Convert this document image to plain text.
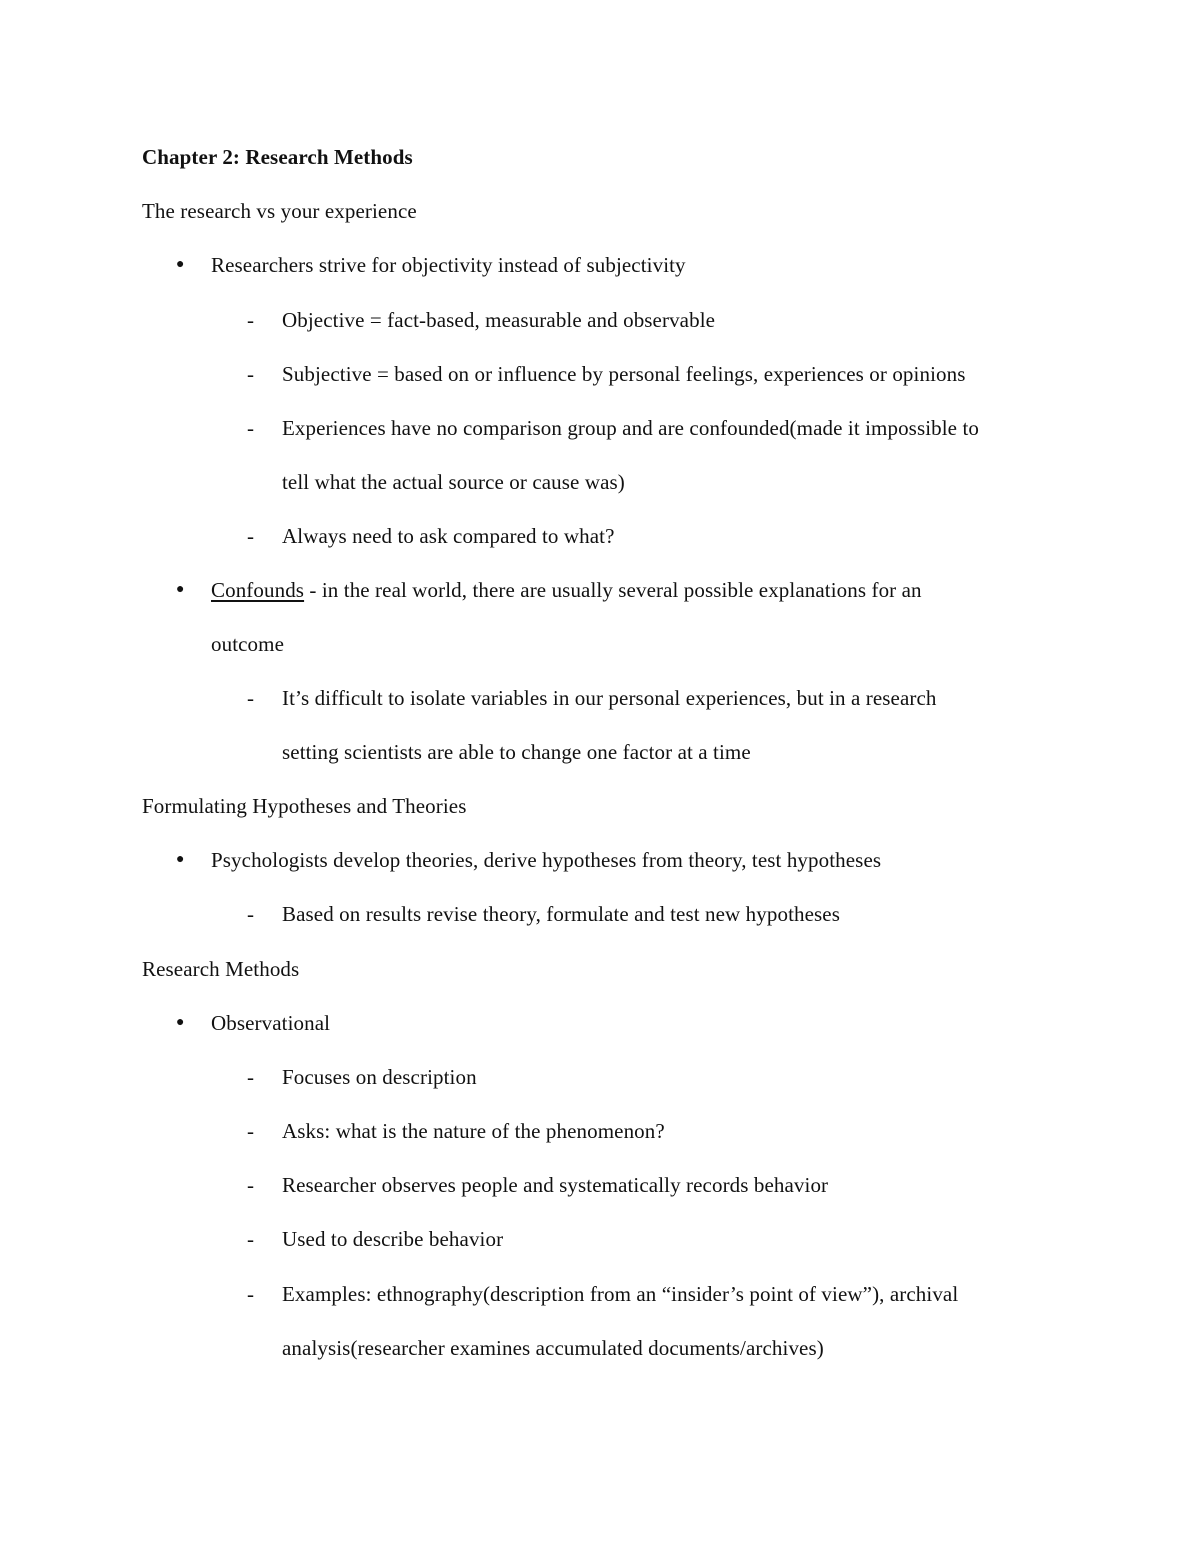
Chapter 2: Research Methods
The research vs your experience
● Researchers strive for objectivity instead of subjectivity
- Objective = fact-based, measurable and observable
- Subjective = based on or influence by personal feelings, experiences or opinions
- Experiences have no comparison group and are confounded(made it impossible to
tell what the actual source or cause was)
- Always need to ask compared to what?
● Confounds - in the real world, there are usually several possible explanations for an
outcome
- It’s difficult to isolate variables in our personal experiences, but in a research
setting scientists are able to change one factor at a time
Formulating Hypotheses and Theories
● Psychologists develop theories, derive hypotheses from theory, test hypotheses
- Based on results revise theory, formulate and test new hypotheses
Research Methods
● Observational
- Focuses on description
- Asks: what is the nature of the phenomenon?
- Researcher observes people and systematically records behavior
- Used to describe behavior
- Examples: ethnography(description from an “insider’s point of view”), archival
analysis(researcher examines accumulated documents/archives)
